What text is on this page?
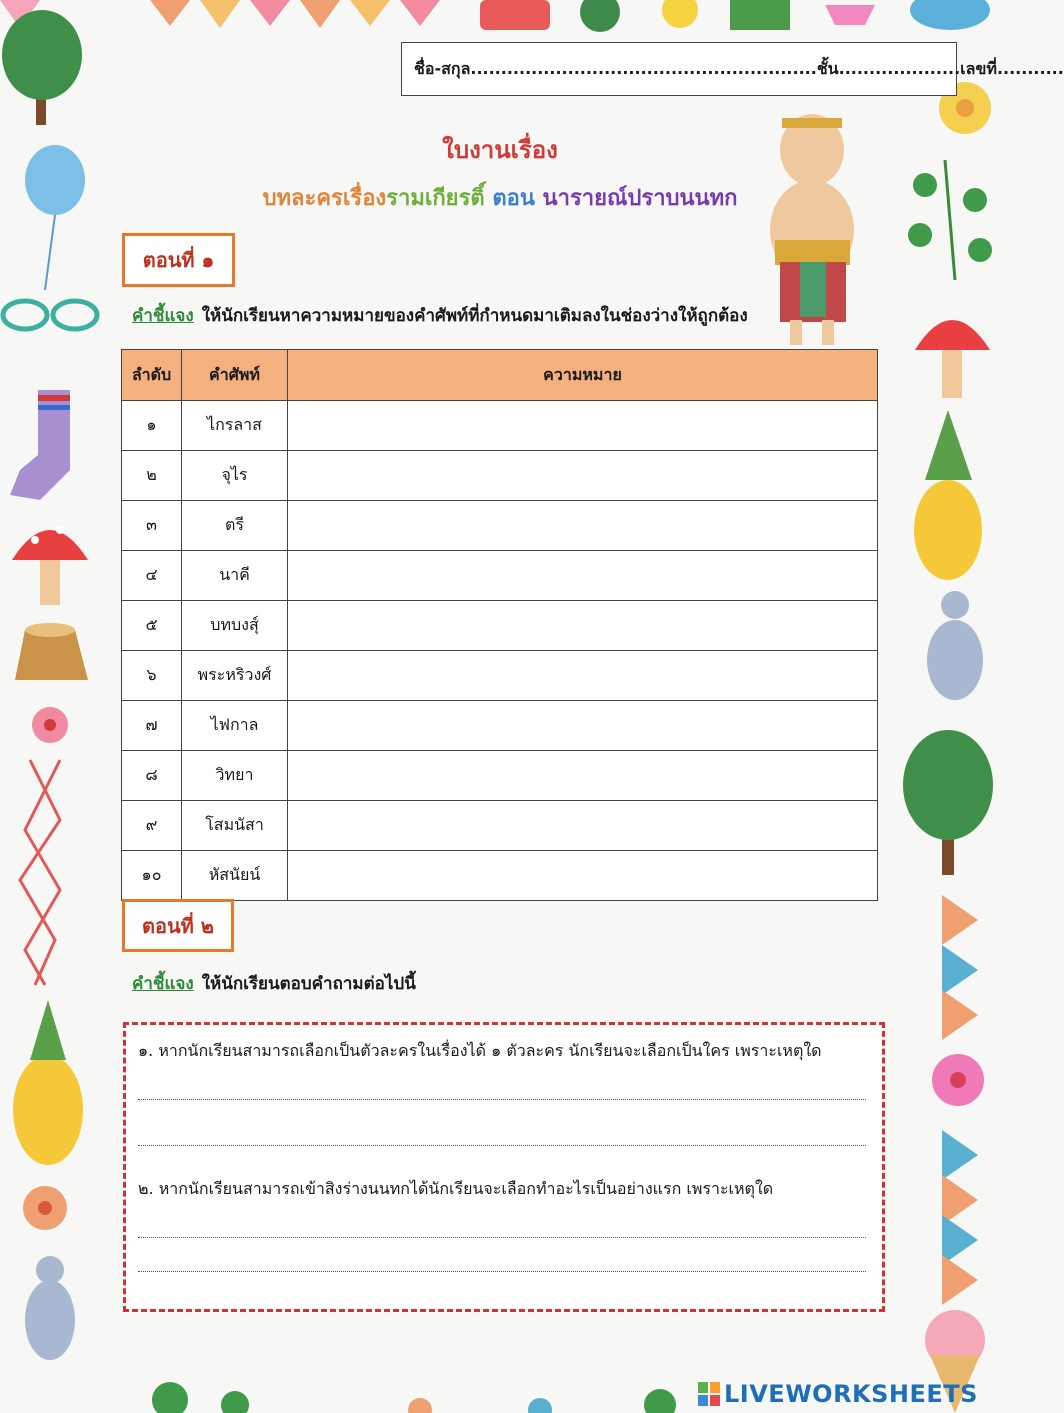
ชื่อ-สกุล.........................................................ชั้น....................เลขที่...........
ใบงานเรื่อง
บทละครเรื่องรามเกียรติ์ ตอน นารายณ์ปราบนนทก
ตอนที่ ๑
คำชี้แจง ให้นักเรียนหาความหมายของคำศัพท์ที่กำหนดมาเติมลงในช่องว่างให้ถูกต้อง
ลำดับ	คำศัพท์	ความหมาย
๑	ไกรลาส	
๒	จุไร	
๓	ตรี	
๔	นาคี	
๕	บทบงสุ์	
๖	พระหริวงศ์	
๗	ไฟกาล	
๘	วิทยา	
๙	โสมนัสา	
๑๐	หัสนัยน์	
ตอนที่ ๒
คำชี้แจง ให้นักเรียนตอบคำถามต่อไปนี้
๑. หากนักเรียนสามารถเลือกเป็นตัวละครในเรื่องได้ ๑ ตัวละคร นักเรียนจะเลือกเป็นใคร เพราะเหตุใด
๒. หากนักเรียนสามารถเข้าสิงร่างนนทกได้นักเรียนจะเลือกทำอะไรเป็นอย่างแรก เพราะเหตุใด
LIVEWORKSHEETS
